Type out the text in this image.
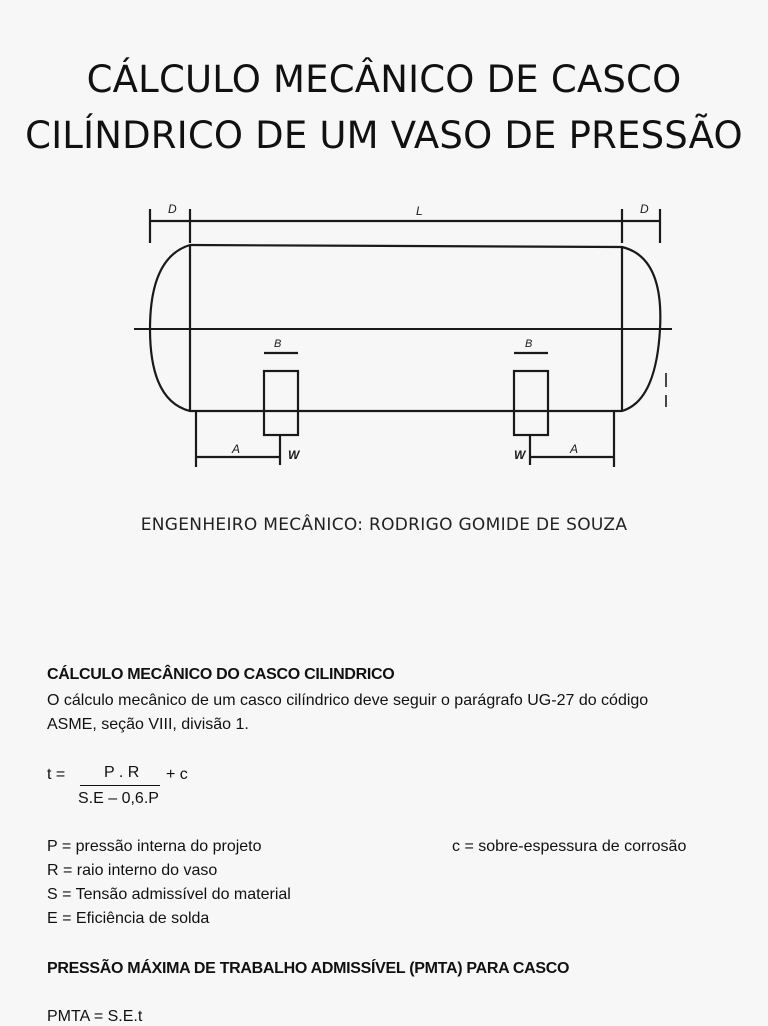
CÁLCULO MECÂNICO DE CASCO
CILÍNDRICO DE UM VASO DE PRESSÃO
D	L	D
B	B
A	A
W	W
ENGENHEIRO MECÂNICO: RODRIGO GOMIDE DE SOUZA
CÁLCULO MECÂNICO DO CASCO CILINDRICO
O cálculo mecânico de um casco cilíndrico deve seguir o parágrafo UG-27 do código
ASME, seção VIII, divisão 1.
t = P . R + c
S.E – 0,6.P
P = pressão interna do projeto	c = sobre-espessura de corrosão
R = raio interno do vaso
S = Tensão admissível do material
E = Eficiência de solda
PRESSÃO MÁXIMA DE TRABALHO ADMISSÍVEL (PMTA) PARA CASCO
PMTA = S.E.t
